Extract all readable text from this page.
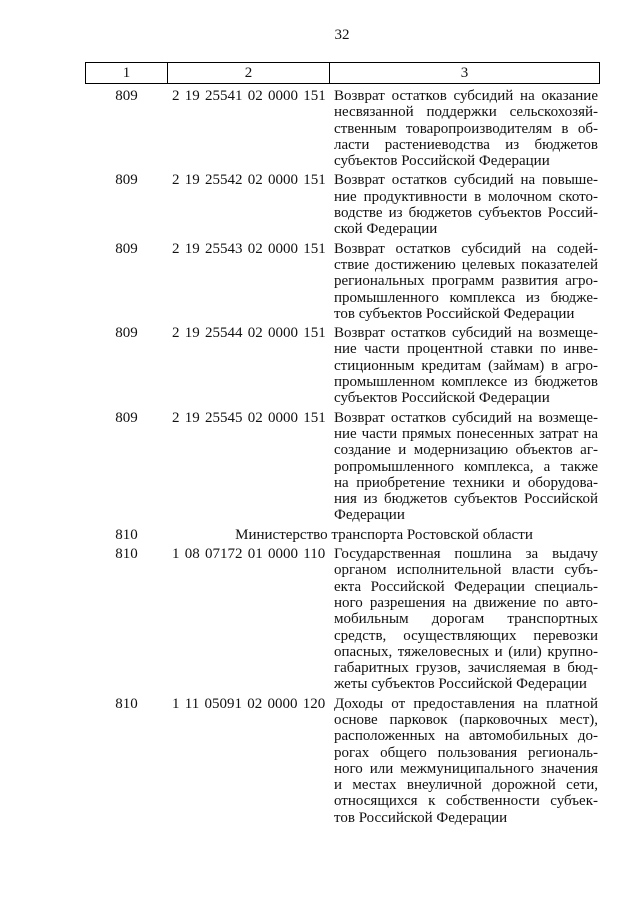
32
1	2	3
809	2 19 25541 02 0000 151 Возврат остатков субсидий на оказание
несвязанной поддержки сельскохозяй-
ственным товаропроизводителям в об-
ласти растениеводства из бюджетов
субъектов Российской Федерации
809	2 19 25542 02 0000 151 Возврат остатков субсидий на повыше-
ние продуктивности в молочном ското-
водстве из бюджетов субъектов Россий-
ской Федерации
809	2 19 25543 02 0000 151 Возврат остатков субсидий на содей-
ствие достижению целевых показателей
региональных программ развития агро-
промышленного комплекса из бюдже-
тов субъектов Российской Федерации
809	2 19 25544 02 0000 151 Возврат остатков субсидий на возмеще-
ние части процентной ставки по инве-
стиционным кредитам (займам) в агро-
промышленном комплексе из бюджетов
субъектов Российской Федерации
809	2 19 25545 02 0000 151 Возврат остатков субсидий на возмеще-
ние части прямых понесенных затрат на
создание и модернизацию объектов аг-
ропромышленного комплекса, а также
на приобретение техники и оборудова-
ния из бюджетов субъектов Российской
Федерации
810	Министерство транспорта Ростовской области
810	1 08 07172 01 0000 110 Государственная пошлина за выдачу
органом исполнительной власти субъ-
екта Российской Федерации специаль-
ного разрешения на движение по авто-
мобильным дорогам транспортных
средств, осуществляющих перевозки
опасных, тяжеловесных и (или) крупно-
габаритных грузов, зачисляемая в бюд-
жеты субъектов Российской Федерации
810	1 11 05091 02 0000 120 Доходы от предоставления на платной
основе парковок (парковочных мест),
расположенных на автомобильных до-
рогах общего пользования региональ-
ного или межмуниципального значения
и местах внеуличной дорожной сети,
относящихся к собственности субъек-
тов Российской Федерации
